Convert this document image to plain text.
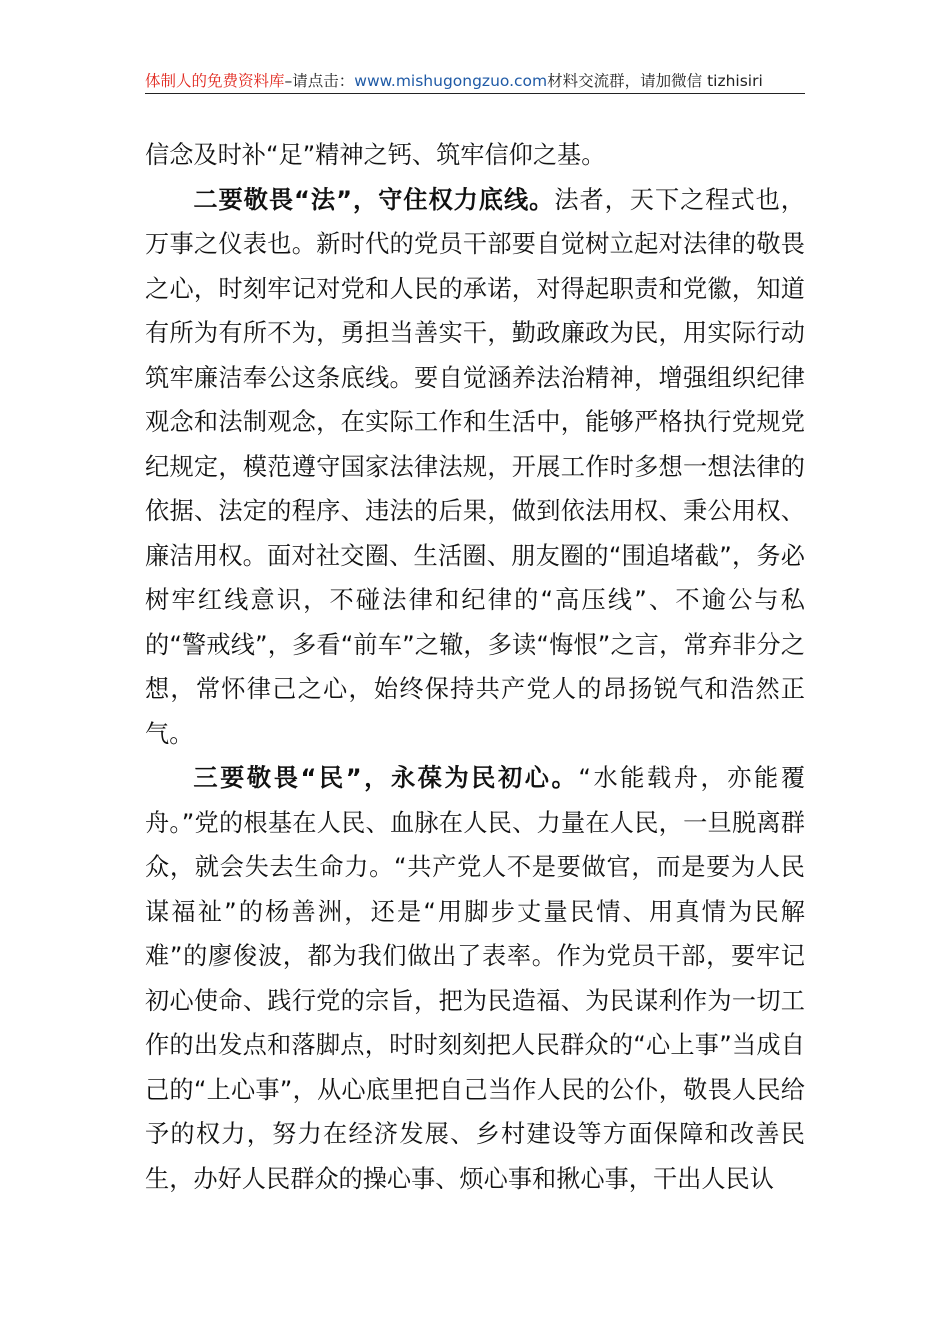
体制人的免费资料库–请点击：www.mishugongzuo.com材料交流群，请加微信 tizhisiri

信念及时补“足”精神之钙、筑牢信仰之基。

二要敬畏“法”，守住权力底线。法者，天下之程式也，万事之仪表也。新时代的党员干部要自觉树立起对法律的敬畏之心，时刻牢记对党和人民的承诺，对得起职责和党徽，知道有所为有所不为，勇担当善实干，勤政廉政为民，用实际行动筑牢廉洁奉公这条底线。要自觉涵养法治精神，增强组织纪律观念和法制观念，在实际工作和生活中，能够严格执行党规党纪规定，模范遵守国家法律法规，开展工作时多想一想法律的依据、法定的程序、违法的后果，做到依法用权、秉公用权、廉洁用权。面对社交圈、生活圈、朋友圈的“围追堵截”，务必树牢红线意识，不碰法律和纪律的“高压线”、不逾公与私的“警戒线”，多看“前车”之辙，多读“悔恨”之言，常弃非分之想，常怀律己之心，始终保持共产党人的昂扬锐气和浩然正气。

三要敬畏“民”，永葆为民初心。“水能载舟，亦能覆舟。”党的根基在人民、血脉在人民、力量在人民，一旦脱离群众，就会失去生命力。“共产党人不是要做官，而是要为人民谋福祉”的杨善洲，还是“用脚步丈量民情、用真情为民解难”的廖俊波，都为我们做出了表率。作为党员干部，要牢记初心使命、践行党的宗旨，把为民造福、为民谋利作为一切工作的出发点和落脚点，时时刻刻把人民群众的“心上事”当成自己的“上心事”，从心底里把自己当作人民的公仆，敬畏人民给予的权力，努力在经济发展、乡村建设等方面保障和改善民生，办好人民群众的操心事、烦心事和揪心事，干出人民认
